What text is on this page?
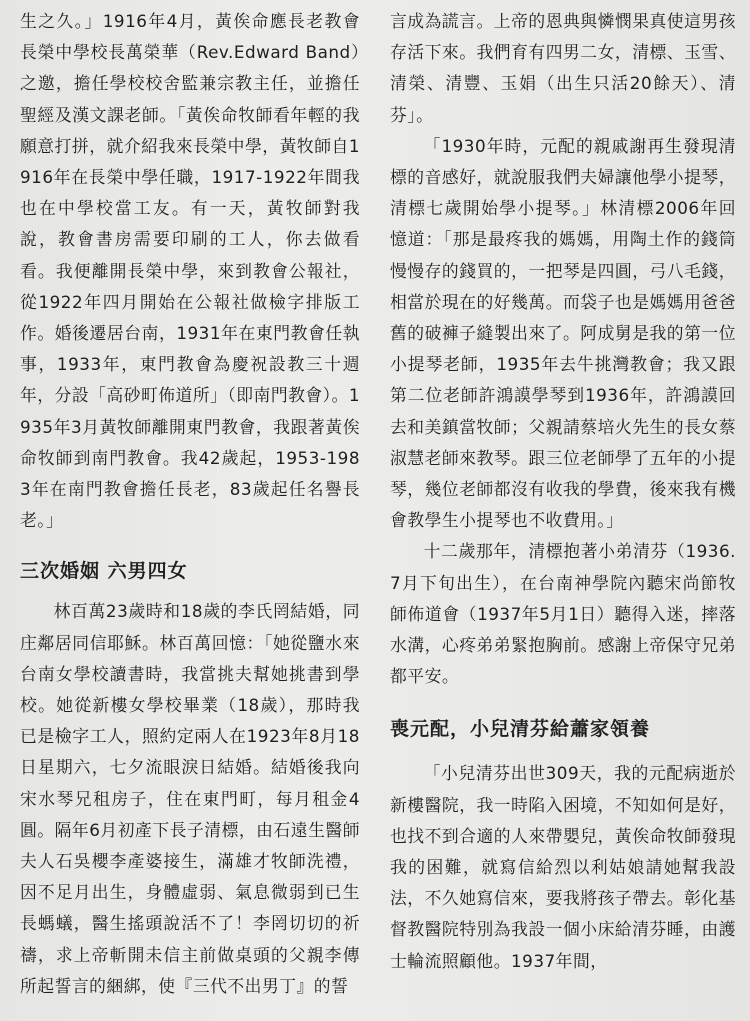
生之久。」1916年4月，黃俟命應長老教會長榮中學校長萬榮華（Rev.Edward Band）之邀，擔任學校校舍監兼宗教主任，並擔任聖經及漢文課老師。「黃俟命牧師看年輕的我願意打拼，就介紹我來長榮中學，黃牧師自1916年在長榮中學任職，1917-1922年間我也在中學校當工友。有一天，黃牧師對我說，教會書房需要印刷的工人，你去做看看。我便離開長榮中學，來到教會公報社，從1922年四月開始在公報社做檢字排版工作。婚後遷居台南，1931年在東門教會任執事，1933年，東門教會為慶祝設教三十週年，分設「高砂町佈道所」（即南門教會）。1935年3月黃牧師離開東門教會，我跟著黃俟命牧師到南門教會。我42歲起，1953-1983年在南門教會擔任長老，83歲起任名譽長老。」

三次婚姻 六男四女

林百萬23歲時和18歲的李氏罔結婚，同庄鄰居同信耶穌。林百萬回憶：「她從鹽水來台南女學校讀書時，我當挑夫幫她挑書到學校。她從新樓女學校畢業（18歲），那時我已是檢字工人，照約定兩人在1923年8月18日星期六，七夕流眼淚日結婚。結婚後我向宋水琴兄租房子，住在東門町，每月租金4圓。隔年6月初產下長子清標，由石遠生醫師夫人石吳櫻李產婆接生，滿雄才牧師洗禮，因不足月出生，身體虛弱、氣息微弱到已生長螞蟻，醫生搖頭說活不了！李罔切切的祈禱，求上帝斬開未信主前做桌頭的父親李傳所起誓言的綑綁，使『三代不出男丁』的誓

言成為謊言。上帝的恩典與憐憫果真使這男孩存活下來。我們育有四男二女，清標、玉雪、清榮、清豐、玉娟（出生只活20餘天）、清芬」。

「1930年時，元配的親戚謝再生發現清標的音感好，就說服我們夫婦讓他學小提琴，清標七歲開始學小提琴。」林清標2006年回憶道：「那是最疼我的媽媽，用陶土作的錢筒慢慢存的錢買的，一把琴是四圓，弓八毛錢，相當於現在的好幾萬。而袋子也是媽媽用爸爸舊的破褲子縫製出來了。阿成舅是我的第一位小提琴老師，1935年去牛挑灣教會；我又跟第二位老師許鴻謨學琴到1936年，許鴻謨回去和美鎮當牧師；父親請蔡培火先生的長女蔡淑慧老師來教琴。跟三位老師學了五年的小提琴，幾位老師都沒有收我的學費，後來我有機會教學生小提琴也不收費用。」

十二歲那年，清標抱著小弟清芬（1936.7月下旬出生），在台南神學院內聽宋尚節牧師佈道會（1937年5月1日）聽得入迷，摔落水溝，心疼弟弟緊抱胸前。感謝上帝保守兄弟都平安。

喪元配，小兒清芬給蕭家領養

「小兒清芬出世309天，我的元配病逝於新樓醫院，我一時陷入困境，不知如何是好，也找不到合適的人來帶嬰兒，黃俟命牧師發現我的困難，就寫信給烈以利姑娘請她幫我設法，不久她寫信來，要我將孩子帶去。彰化基督教醫院特別為我設一個小床給清芬睡，由護士輪流照顧他。1937年間，
